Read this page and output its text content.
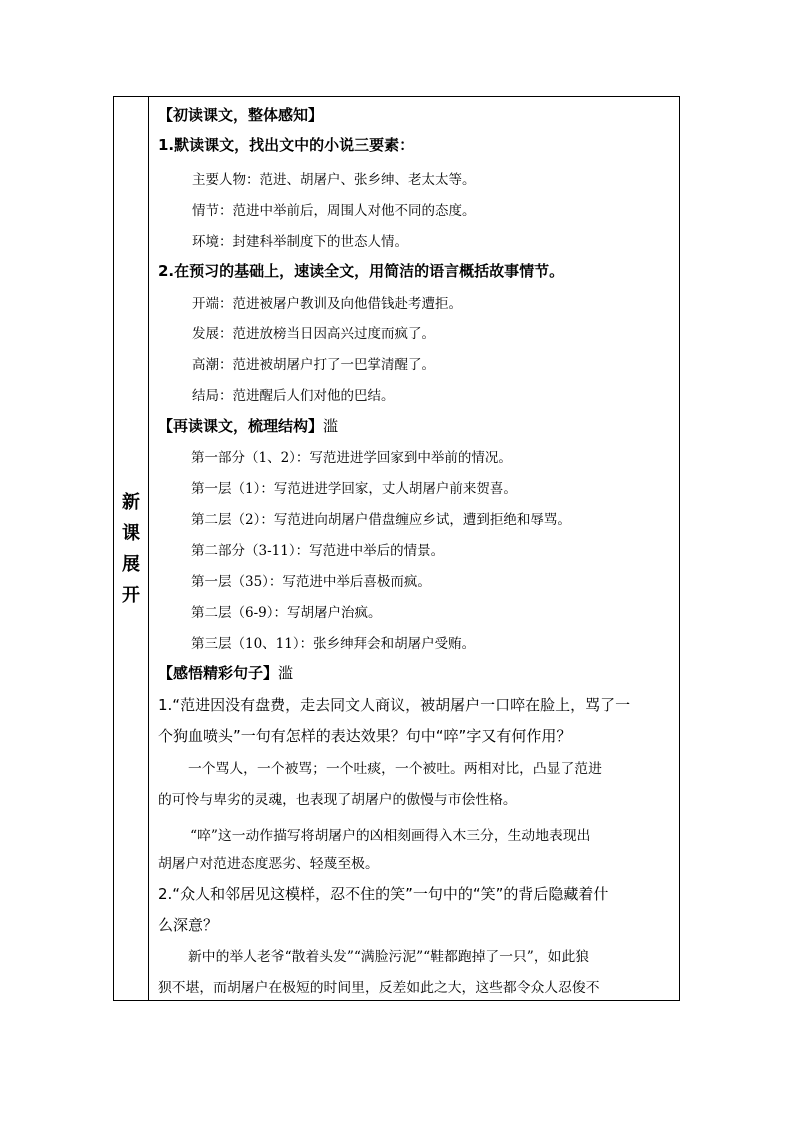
新
课
展
开
【初读课文，整体感知】
1.默读课文，找出文中的小说三要素：
主要人物：范进、胡屠户、张乡绅、老太太等。
情节：范进中举前后，周围人对他不同的态度。
环境：封建科举制度下的世态人情。
2.在预习的基础上，速读全文，用简洁的语言概括故事情节。
开端：范进被屠户教训及向他借钱赴考遭拒。
发展：范进放榜当日因高兴过度而疯了。
高潮：范进被胡屠户打了一巴掌清醒了。
结局：范进醒后人们对他的巴结。
【再读课文，梳理结构】滥
第一部分（1、2）：写范进进学回家到中举前的情况。
第一层（1）：写范进进学回家，丈人胡屠户前来贺喜。
第二层（2）：写范进向胡屠户借盘缠应乡试，遭到拒绝和辱骂。
第二部分（3-11）：写范进中举后的情景。
第一层（35）：写范进中举后喜极而疯。
第二层（6-9）：写胡屠户治疯。
第三层（10、11）：张乡绅拜会和胡屠户受贿。
【感悟精彩句子】滥
1.“范进因没有盘费，走去同文人商议，被胡屠户一口啐在脸上，骂了一
个狗血喷头”一句有怎样的表达效果？句中“啐”字又有何作用？
一个骂人，一个被骂；一个吐痰，一个被吐。两相对比，凸显了范进
的可怜与卑劣的灵魂，也表现了胡屠户的傲慢与市侩性格。
“啐”这一动作描写将胡屠户的凶相刻画得入木三分，生动地表现出
胡屠户对范进态度恶劣、轻蔑至极。
2.“众人和邻居见这模样，忍不住的笑”一句中的“笑”的背后隐藏着什
么深意？
新中的举人老爷“散着头发”“满脸污泥”“鞋都跑掉了一只”，如此狼
狈不堪，而胡屠户在极短的时间里，反差如此之大，这些都令众人忍俊不
